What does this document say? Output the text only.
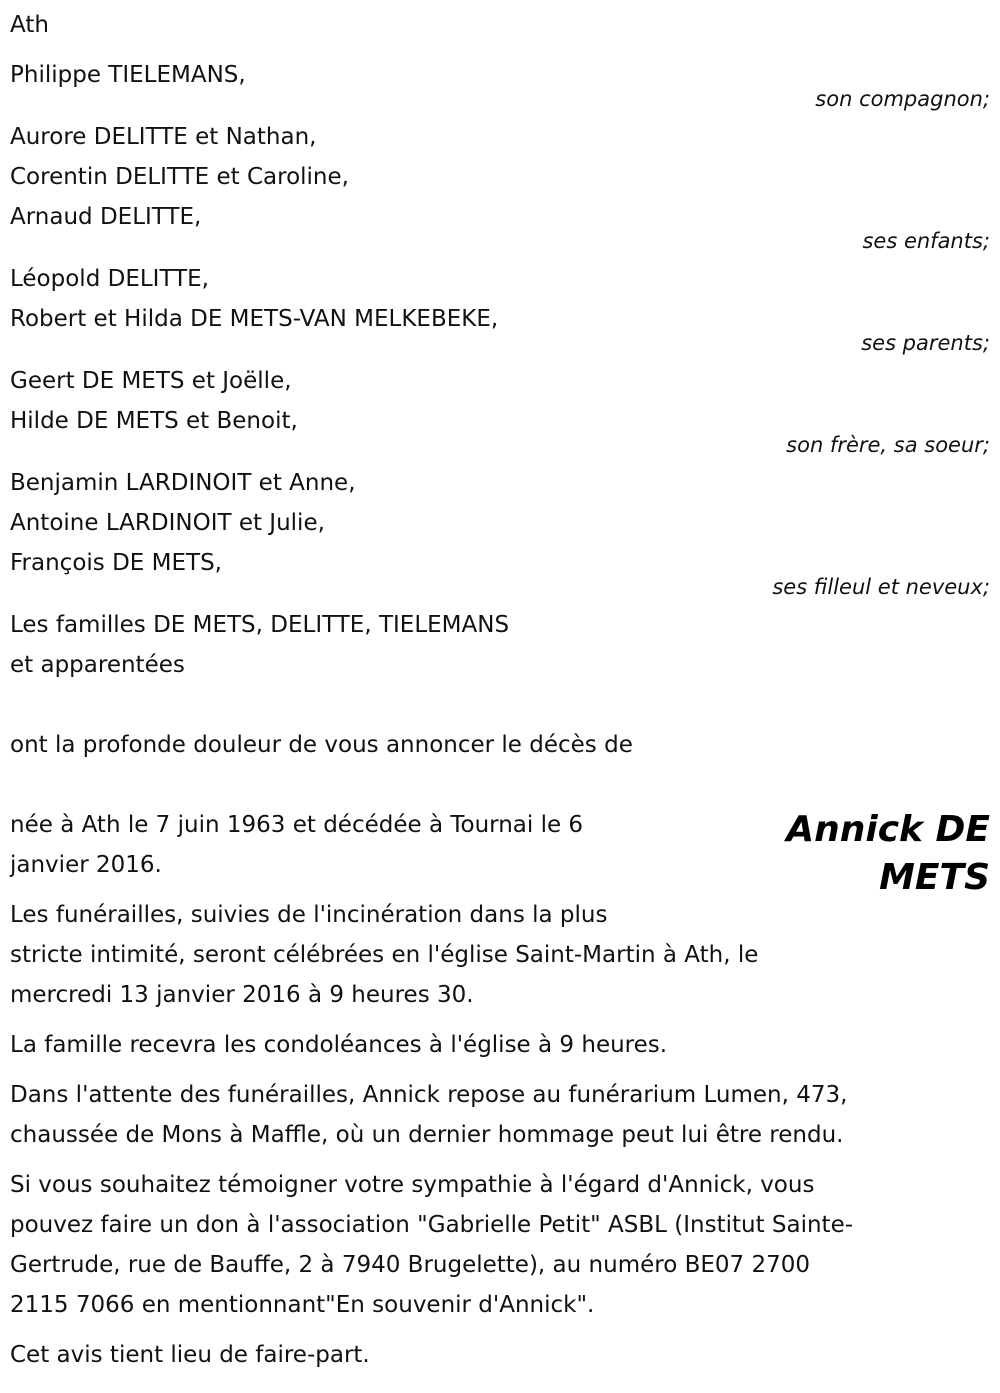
Ath
Philippe TIELEMANS,
son compagnon;
Aurore DELITTE et Nathan,
Corentin DELITTE et Caroline,
Arnaud DELITTE,
ses enfants;
Léopold DELITTE,
Robert et Hilda DE METS-VAN MELKEBEKE,
ses parents;
Geert DE METS et Joëlle,
Hilde DE METS et Benoit,
son frère, sa soeur;
Benjamin LARDINOIT et Anne,
Antoine LARDINOIT et Julie,
François DE METS,
ses filleul et neveux;
Les familles DE METS, DELITTE, TIELEMANS
et apparentées
ont la profonde douleur de vous annoncer le décès de
née à Ath le 7 juin 1963 et décédée à Tournai le 6
janvier 2016.
Les funérailles, suivies de l'incinération dans la plus
stricte intimité, seront célébrées en l'église Saint-Martin à Ath, le
mercredi 13 janvier 2016 à 9 heures 30.
La famille recevra les condoléances à l'église à 9 heures.
Dans l'attente des funérailles, Annick repose au funérarium Lumen, 473,
chaussée de Mons à Maffle, où un dernier hommage peut lui être rendu.
Si vous souhaitez témoigner votre sympathie à l'égard d'Annick, vous
pouvez faire un don à l'association "Gabrielle Petit" ASBL (Institut Sainte-
Gertrude, rue de Bauffe, 2 à 7940 Brugelette), au numéro BE07 2700
2115 7066 en mentionnant"En souvenir d'Annick".
Cet avis tient lieu de faire-part.
Annick DE
METS
